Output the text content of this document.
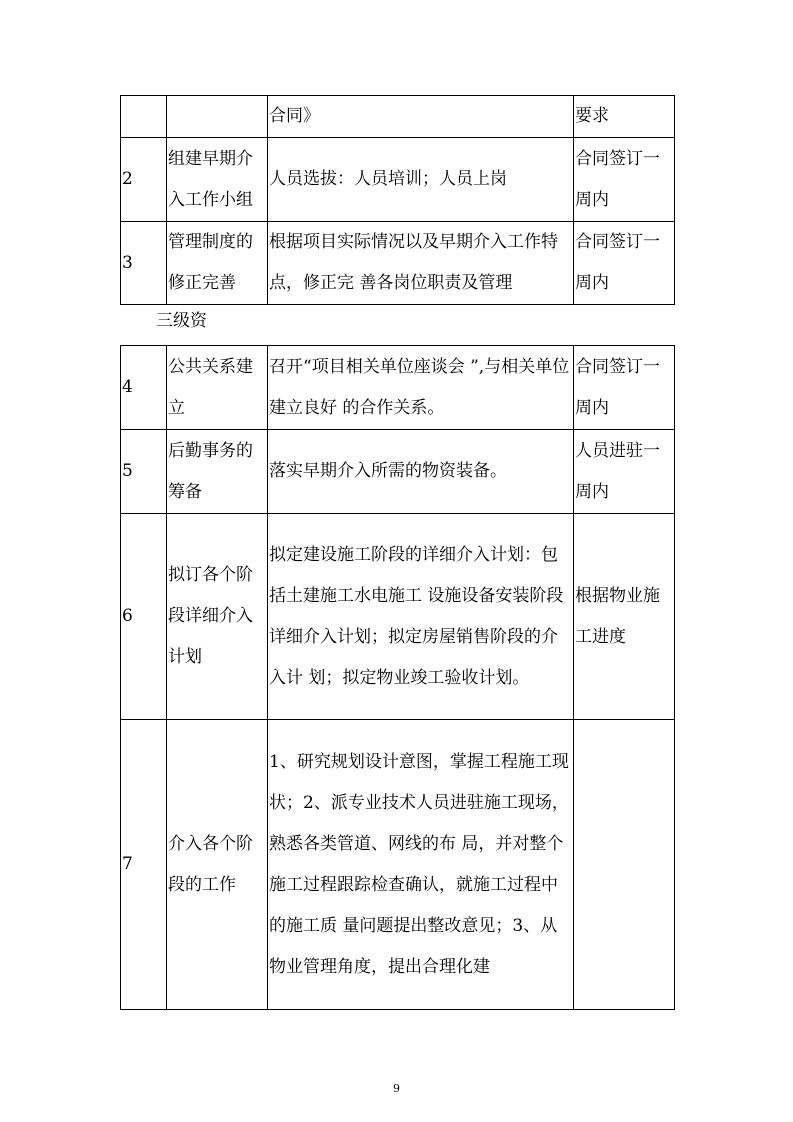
		合同》	要求
2	组建早期介入工作小组	人员选拔：人员培训；人员上岗	合同签订一周内
3	管理制度的修正完善	根据项目实际情况以及早期介入工作特点，修正完 善各岗位职责及管理	合同签订一周内
三级资
4	公共关系建立	召开“项目相关单位座谈会 ”,与相关单位建立良好 的合作关系。	合同签订一周内
5	后勤事务的筹备	落实早期介入所需的物资装备。	人员进驻一周内
6	拟订各个阶段详细介入计划	拟定建设施工阶段的详细介入计划：包括土建施工水电施工 设施设备安装阶段详细介入计划；拟定房屋销售阶段的介入计 划；拟定物业竣工验收计划。	根据物业施工进度
7	介入各个阶段的工作	1、研究规划设计意图，掌握工程施工现状；2、派专业技术人员进驻施工现场，熟悉各类管道、网线的布 局，并对整个施工过程跟踪检查确认，就施工过程中的施工质 量问题提出整改意见；3、从物业管理角度，提出合理化建	
9
